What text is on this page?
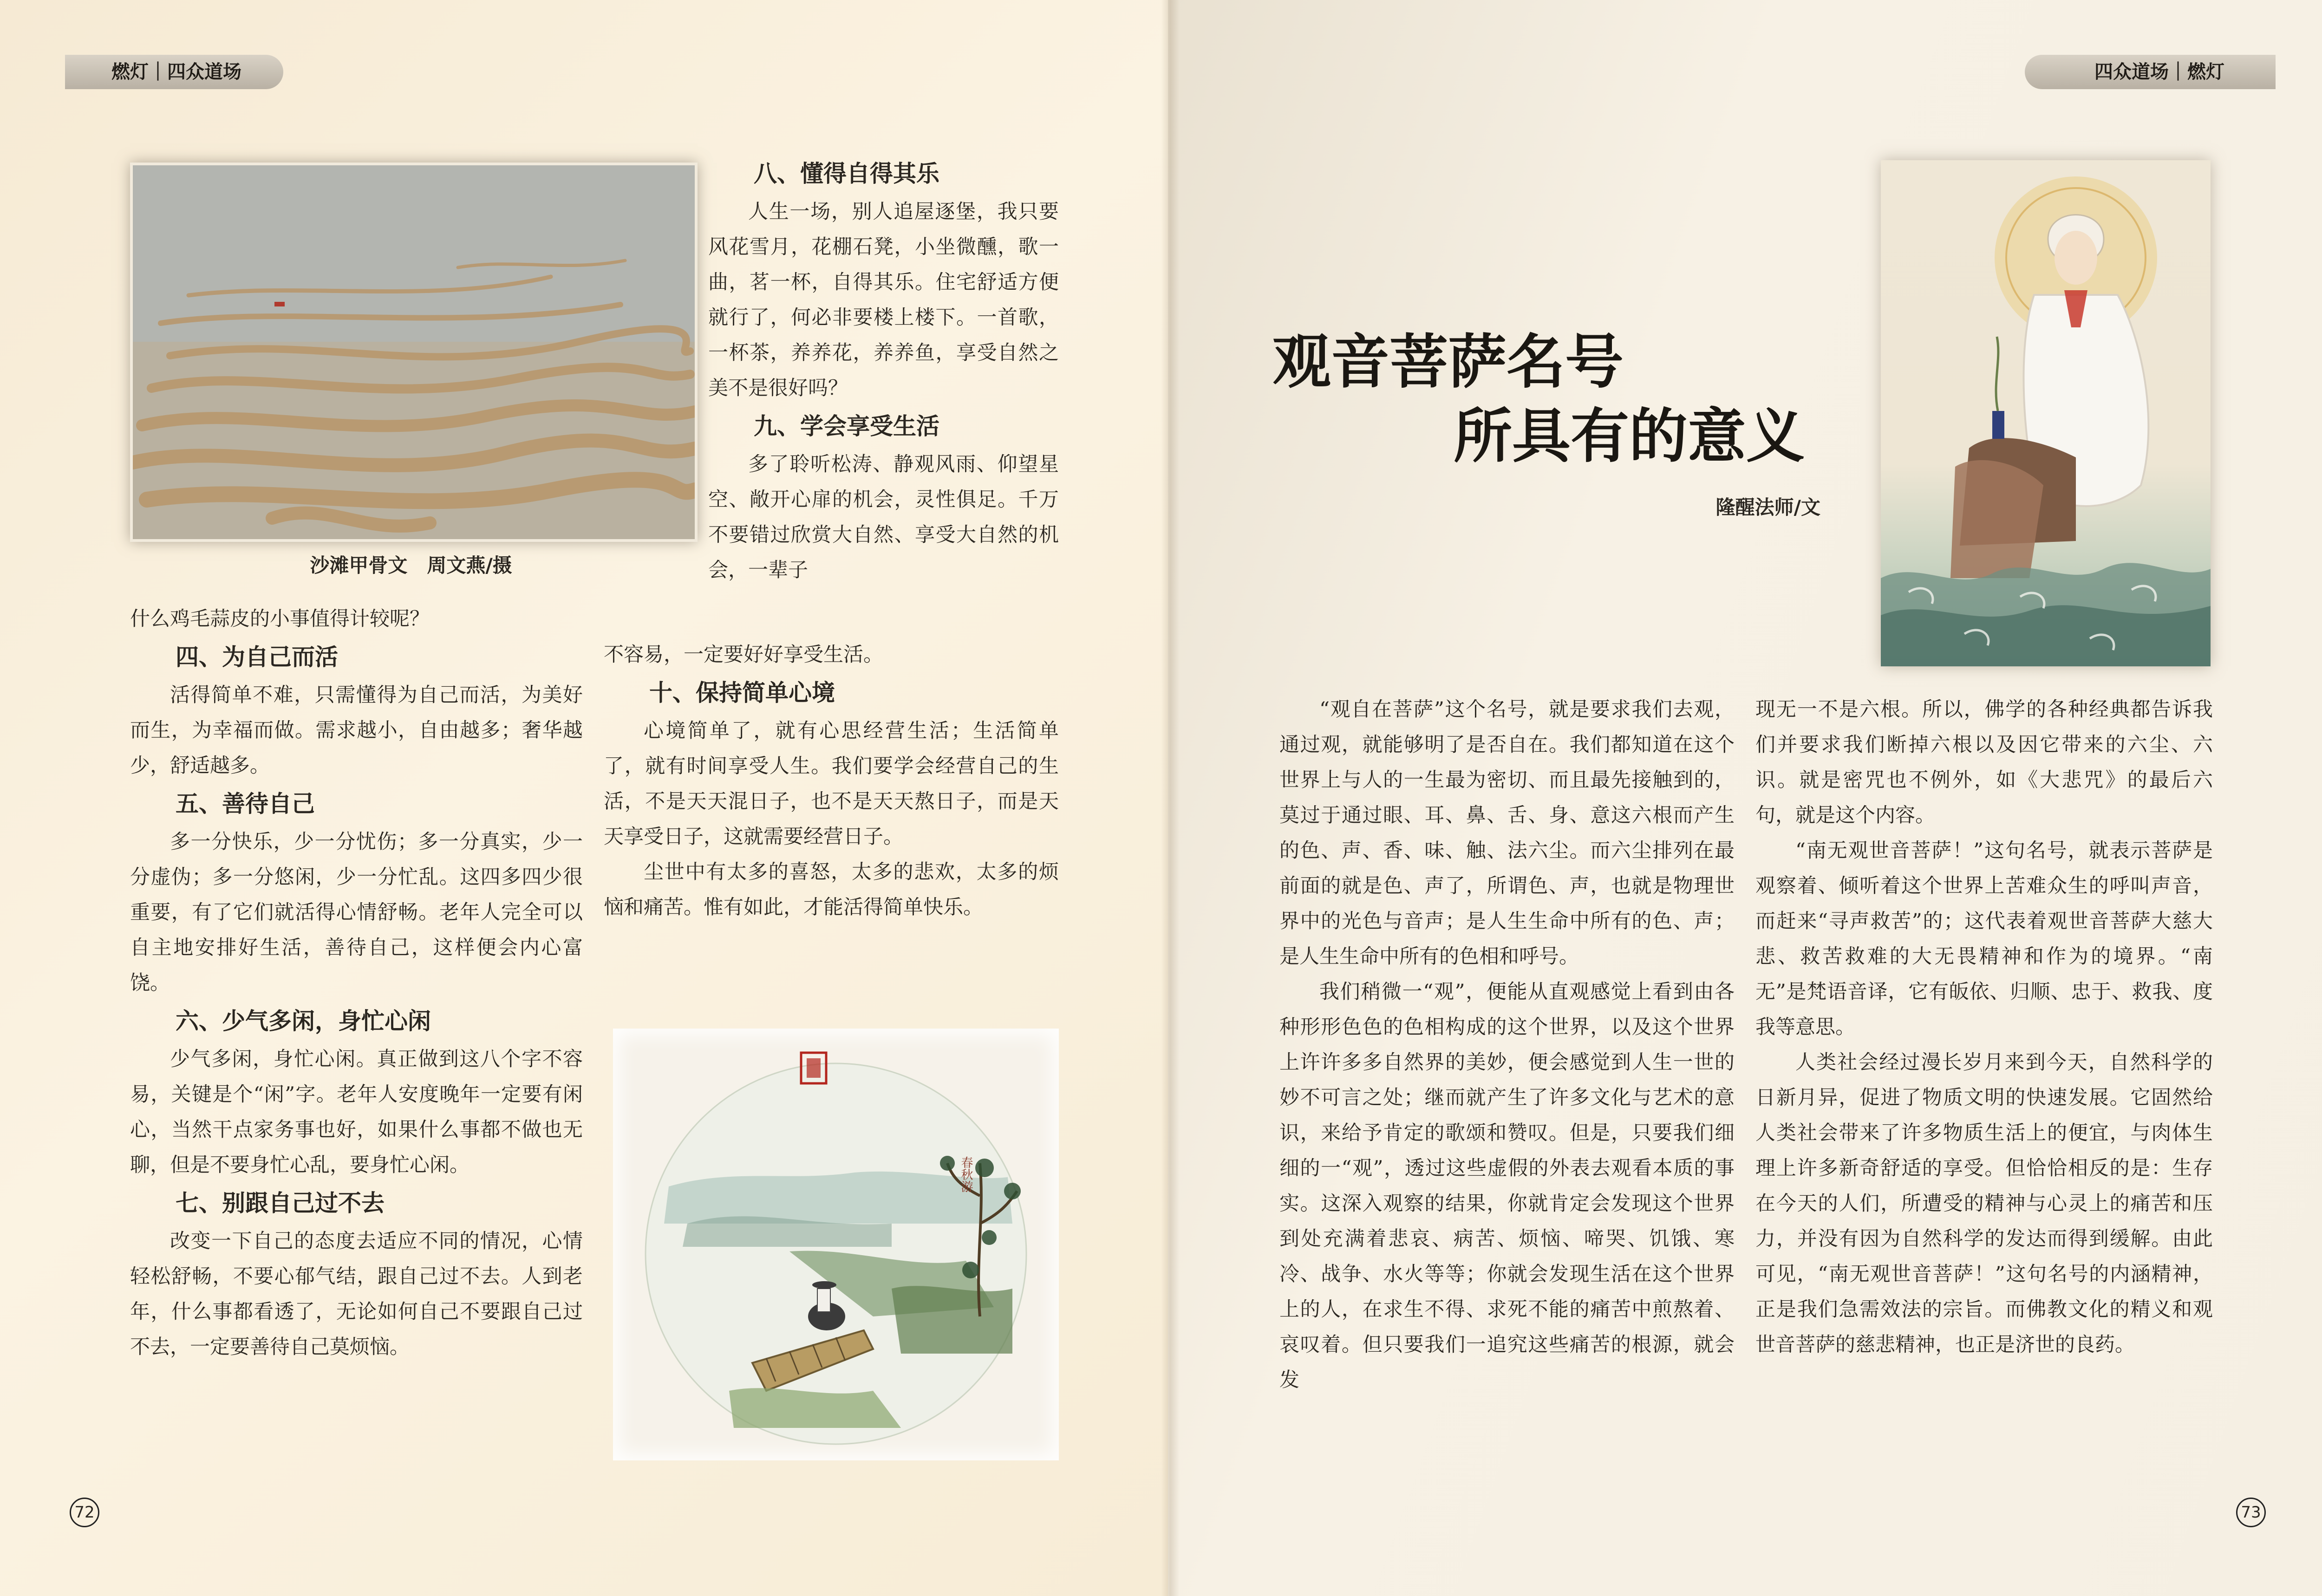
燃灯｜四众道场	四众道场｜燃灯
沙滩甲骨文　周文燕/摄

什么鸡毛蒜皮的小事值得计较呢？

四、为自己而活

活得简单不难，只需懂得为自己而活，为美好而生，为幸福而做。需求越小，自由越多；奢华越少，舒适越多。

五、善待自己

多一分快乐，少一分忧伤；多一分真实，少一分虚伪；多一分悠闲，少一分忙乱。这四多四少很重要，有了它们就活得心情舒畅。老年人完全可以自主地安排好生活，善待自己，这样便会内心富饶。

六、少气多闲，身忙心闲

少气多闲，身忙心闲。真正做到这八个字不容易，关键是个“闲”字。老年人安度晚年一定要有闲心，当然干点家务事也好，如果什么事都不做也无聊，但是不要身忙心乱，要身忙心闲。

七、别跟自己过不去

改变一下自己的态度去适应不同的情况，心情轻松舒畅，不要心郁气结，跟自己过不去。人到老年，什么事都看透了，无论如何自己不要跟自己过不去，一定要善待自己莫烦恼。

八、懂得自得其乐

人生一场，别人追屋逐堡，我只要风花雪月，花棚石凳，小坐微醺，歌一曲，茗一杯，自得其乐。住宅舒适方便就行了，何必非要楼上楼下。一首歌，一杯茶，养养花，养养鱼，享受自然之美不是很好吗？

九、学会享受生活

多了聆听松涛、静观风雨、仰望星空、敞开心扉的机会，灵性俱足。千万不要错过欣赏大自然、享受大自然的机会，一辈子

不容易，一定要好好享受生活。

十、保持简单心境

心境简单了，就有心思经营生活；生活简单了，就有时间享受人生。我们要学会经营自己的生活，不是天天混日子，也不是天天熬日子，而是天天享受日子，这就需要经营日子。

尘世中有太多的喜怒，太多的悲欢，太多的烦恼和痛苦。惟有如此，才能活得简单快乐。

春秋游
72
观音菩萨名号
所具有的意义
隆醒法师/文

“观自在菩萨”这个名号，就是要求我们去观，通过观，就能够明了是否自在。我们都知道在这个世界上与人的一生最为密切、而且最先接触到的，莫过于通过眼、耳、鼻、舌、身、意这六根而产生的色、声、香、味、触、法六尘。而六尘排列在最前面的就是色、声了，所谓色、声，也就是物理世界中的光色与音声；是人生生命中所有的色、声；是人生生命中所有的色相和呼号。

我们稍微一“观”，便能从直观感觉上看到由各种形形色色的色相构成的这个世界，以及这个世界上许许多多自然界的美妙，便会感觉到人生一世的妙不可言之处；继而就产生了许多文化与艺术的意识，来给予肯定的歌颂和赞叹。但是，只要我们细细的一“观”，透过这些虚假的外表去观看本质的事实。这深入观察的结果，你就肯定会发现这个世界到处充满着悲哀、病苦、烦恼、啼哭、饥饿、寒冷、战争、水火等等；你就会发现生活在这个世界上的人，在求生不得、求死不能的痛苦中煎熬着、哀叹着。但只要我们一追究这些痛苦的根源，就会发

现无一不是六根。所以，佛学的各种经典都告诉我们并要求我们断掉六根以及因它带来的六尘、六识。就是密咒也不例外，如《大悲咒》的最后六句，就是这个内容。

“南无观世音菩萨！”这句名号，就表示菩萨是观察着、倾听着这个世界上苦难众生的呼叫声音，而赶来“寻声救苦”的；这代表着观世音菩萨大慈大悲、救苦救难的大无畏精神和作为的境界。“南无”是梵语音译，它有皈依、归顺、忠于、救我、度我等意思。

人类社会经过漫长岁月来到今天，自然科学的日新月异，促进了物质文明的快速发展。它固然给人类社会带来了许多物质生活上的便宜，与肉体生理上许多新奇舒适的享受。但恰恰相反的是：生存在今天的人们，所遭受的精神与心灵上的痛苦和压力，并没有因为自然科学的发达而得到缓解。由此可见，“南无观世音菩萨！”这句名号的内涵精神，正是我们急需效法的宗旨。而佛教文化的精义和观世音菩萨的慈悲精神，也正是济世的良药。

73
